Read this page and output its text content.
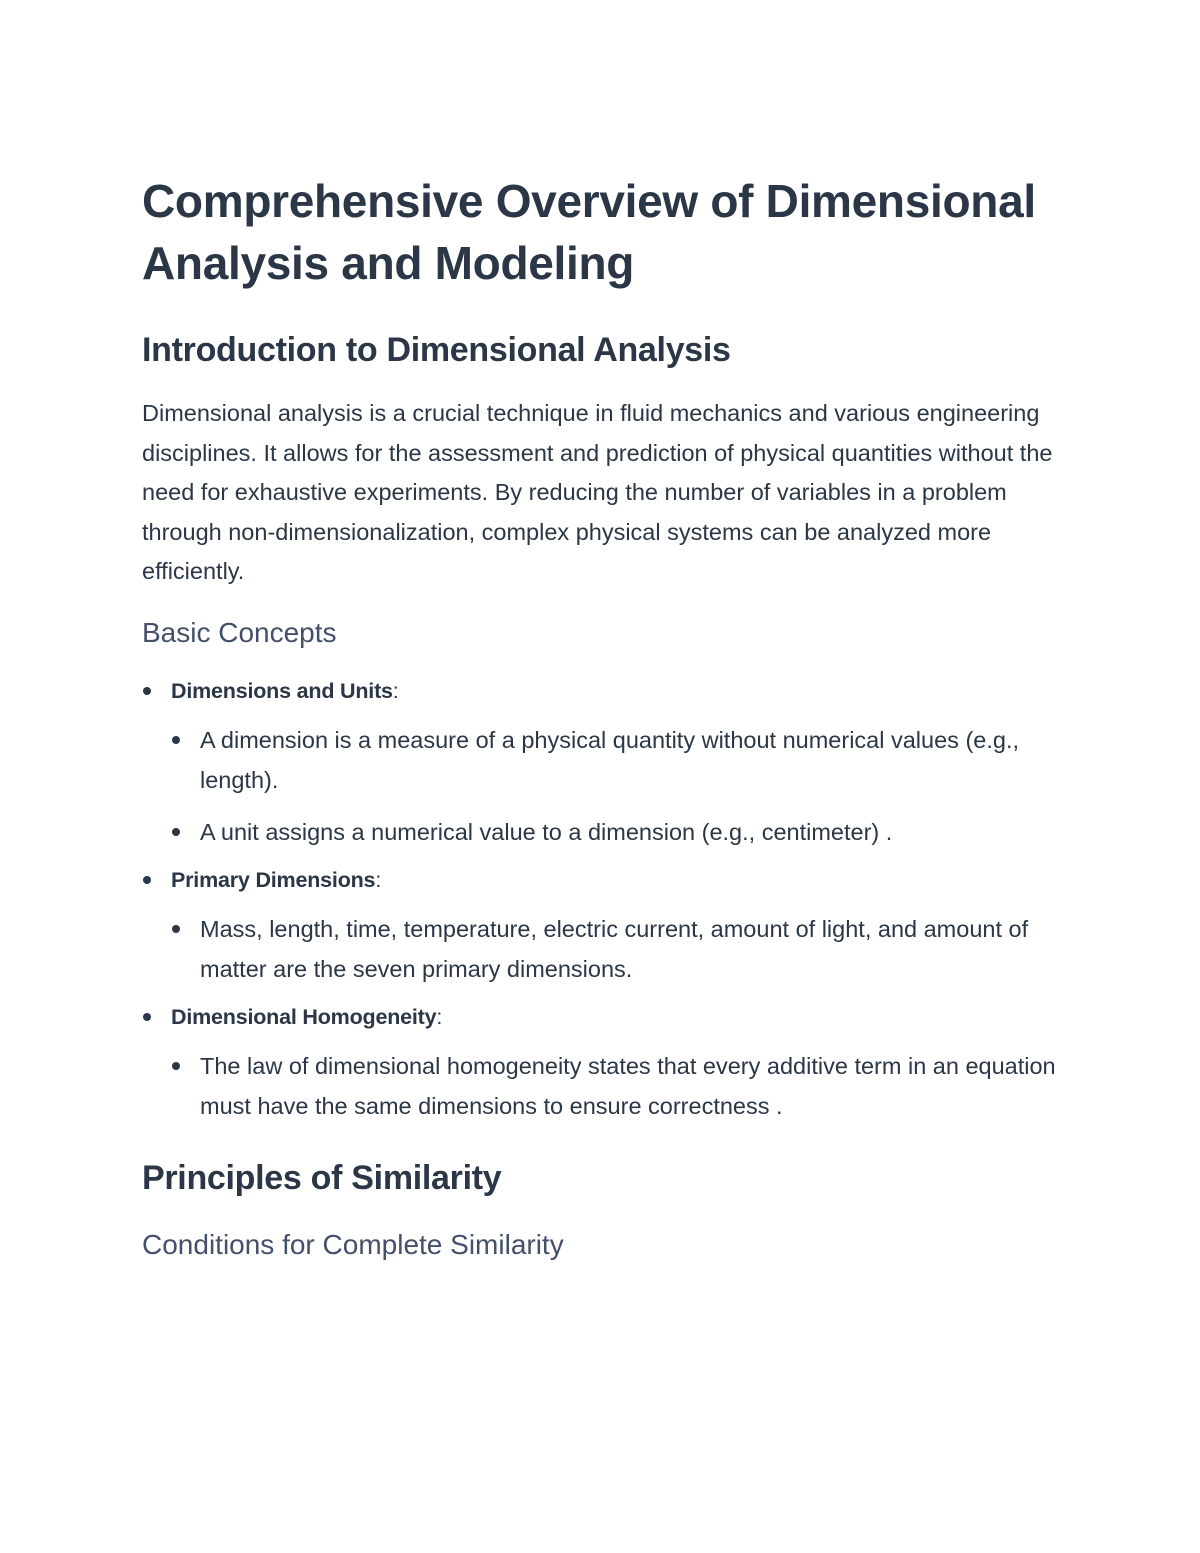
Comprehensive Overview of Dimensional Analysis and Modeling
Introduction to Dimensional Analysis

Dimensional analysis is a crucial technique in fluid mechanics and various engineering disciplines. It allows for the assessment and prediction of physical quantities without the need for exhaustive experiments. By reducing the number of variables in a problem through non-dimensionalization, complex physical systems can be analyzed more efficiently.

Basic Concepts
Dimensions and Units:
A dimension is a measure of a physical quantity without numerical values (e.g., length).
A unit assigns a numerical value to a dimension (e.g., centimeter) .
Primary Dimensions:
Mass, length, time, temperature, electric current, amount of light, and amount of matter are the seven primary dimensions.
Dimensional Homogeneity:
The law of dimensional homogeneity states that every additive term in an equation must have the same dimensions to ensure correctness .
Principles of Similarity
Conditions for Complete Similarity
